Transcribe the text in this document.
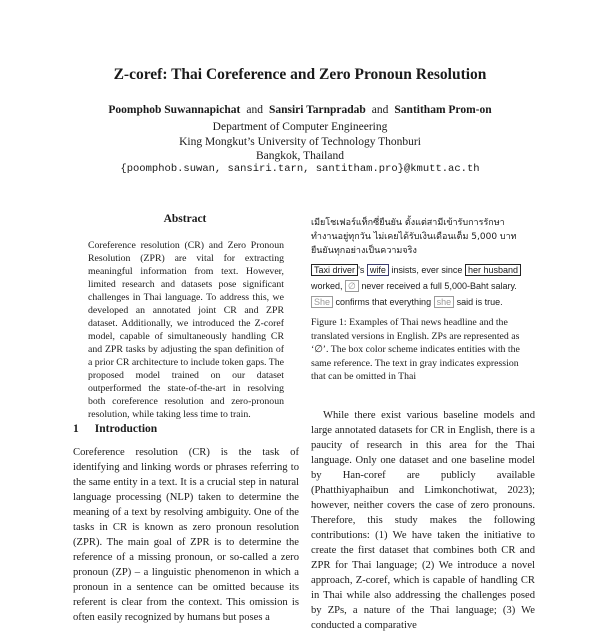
Z-coref: Thai Coreference and Zero Pronoun Resolution
Poomphob Suwannapichat and Sansiri Tarnpradab and Santitham Prom-on
Department of Computer Engineering
King Mongkut’s University of Technology Thonburi
Bangkok, Thailand
{poomphob.suwan, sansiri.tarn, santitham.pro}@kmutt.ac.th
Abstract

Coreference resolution (CR) and Zero Pronoun Resolution (ZPR) are vital for extracting meaningful information from text. However, limited research and datasets pose significant challenges in Thai language. To address this, we developed an annotated joint CR and ZPR dataset. Additionally, we introduced the Z-coref model, capable of simultaneously handling CR and ZPR tasks by adjusting the span definition of a prior CR architecture to include token gaps. The proposed model trained on our dataset outperformed the state-of-the-art in resolving both coreference resolution and zero-pronoun resolution, while taking less time to train.

1 Introduction

Coreference resolution (CR) is the task of identifying and linking words or phrases referring to the same entity in a text. It is a crucial step in natural language processing (NLP) taken to determine the meaning of a text by resolving ambiguity. One of the tasks in CR is known as zero pronoun resolution (ZPR). The main goal of ZPR is to determine the reference of a missing pronoun, or so-called a zero pronoun (ZP) – a linguistic phenomenon in which a pronoun in a sentence can be omitted because its referent is clear from the context. This omission is often easily recognized by humans but poses a

เมียโชเฟอร์แท็กซี่ยืนยัน ตั้งแต่สามีเข้ารับการรักษา ทำงานอยู่ทุกวัน ไม่เคยได้รับเงินเดือนเต็ม 5,000 บาท ยืนยันทุกอย่างเป็นความจริง
Taxi driver ’s wife insists, ever since her husband worked, ∅ never received a full 5,000-Baht salary. She confirms that everything she said is true.

Figure 1: Examples of Thai news headline and the translated versions in English. ZPs are represented as ‘∅’. The box color scheme indicates entities with the same reference. The text in gray indicates expression that can be omitted in Thai

While there exist various baseline models and large annotated datasets for CR in English, there is a paucity of research in this area for the Thai language. Only one dataset and one baseline model by Han-coref are publicly available (Phatthiyaphaibun and Limkonchotiwat, 2023); however, neither covers the case of zero pronouns. Therefore, this study makes the following contributions: (1) We have taken the initiative to create the first dataset that combines both CR and ZPR for Thai language; (2) We introduce a novel approach, Z-coref, which is capable of handling CR in Thai while also addressing the challenges posed by ZPs, a nature of the Thai language; (3) We conducted a comparative
